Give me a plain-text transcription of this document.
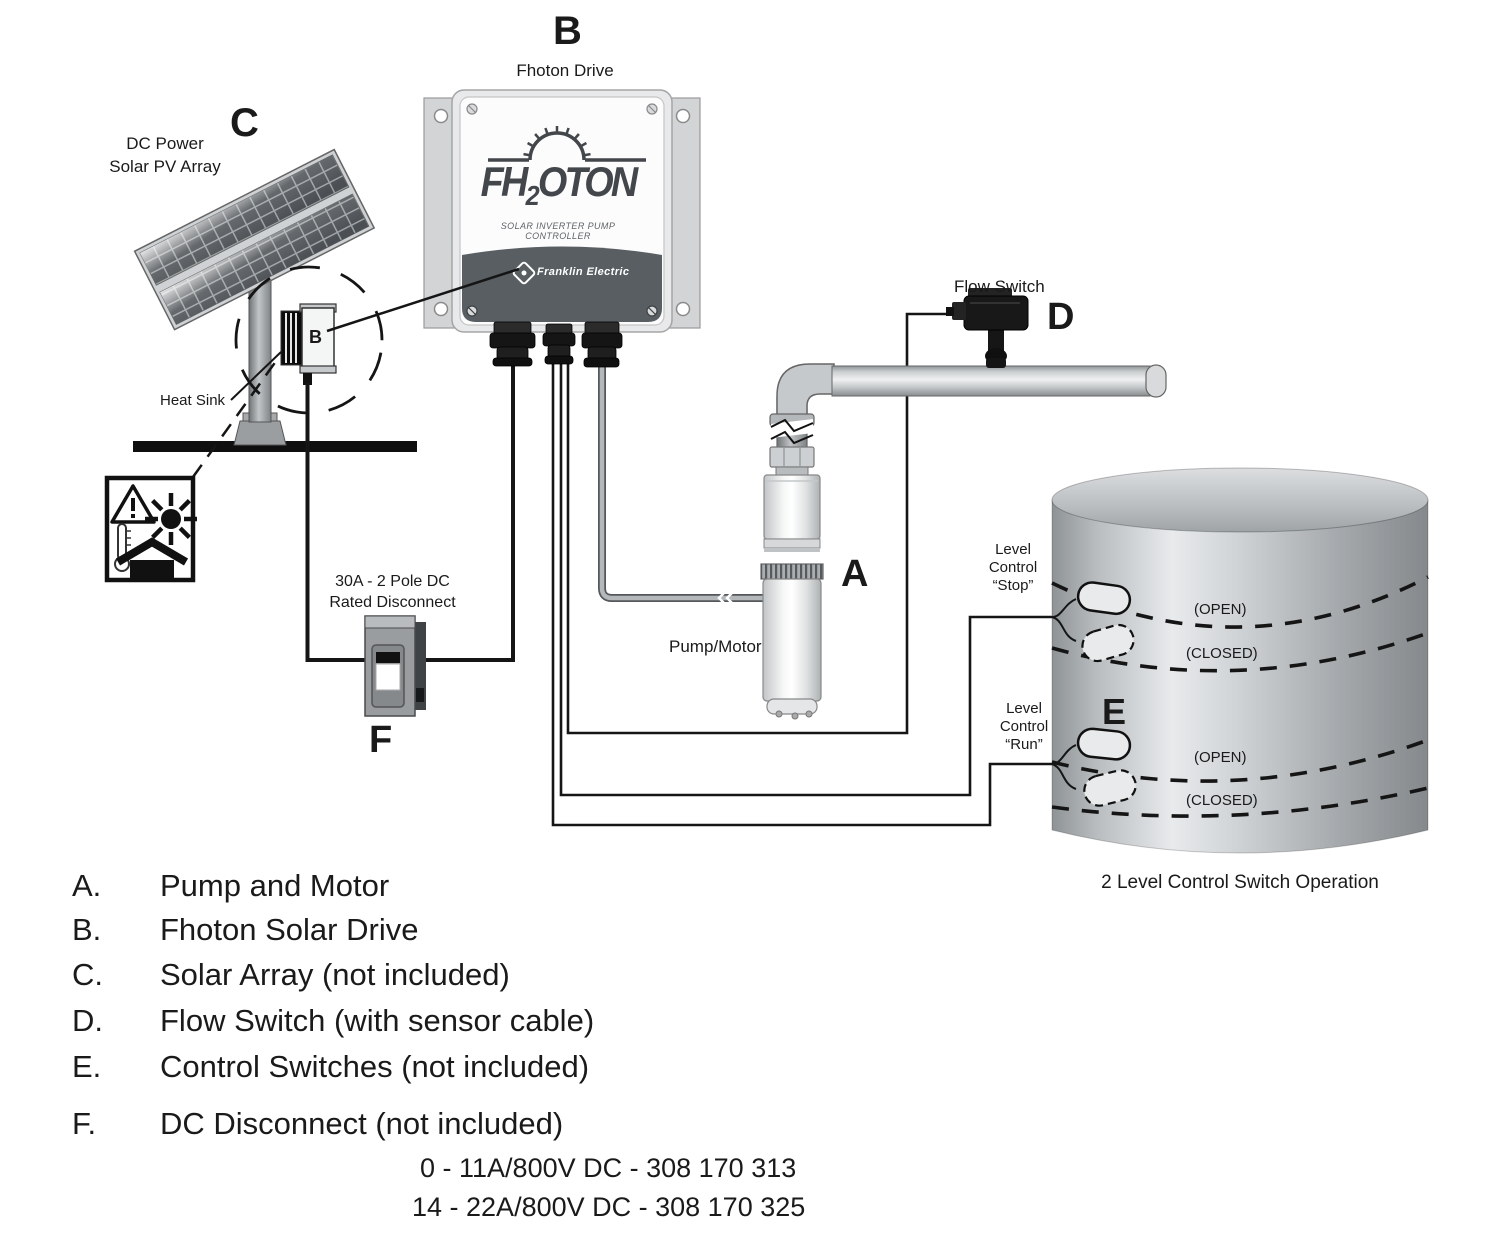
B
Fhoton Drive
C
DC Power
Solar PV Array
Heat Sink
B
$FH_2OTON$
SOLAR INVERTER PUMP CONTROLLER
Franklin Electric
Flow Switch
D
A
Pump/Motor
30A - 2 Pole DC
Rated Disconnect
F
Level
Control
“Stop”
Level
Control
“Run”
E
(OPEN)
(CLOSED)
(OPEN)
(CLOSED)
2 Level Control Switch Operation
A. Pump and Motor
B. Fhoton Solar Drive
C. Solar Array (not included)
D. Flow Switch (with sensor cable)
E. Control Switches (not included)
F. DC Disconnect (not included)
0 - 11A/800V DC - 308 170 313
14 - 22A/800V DC - 308 170 325
